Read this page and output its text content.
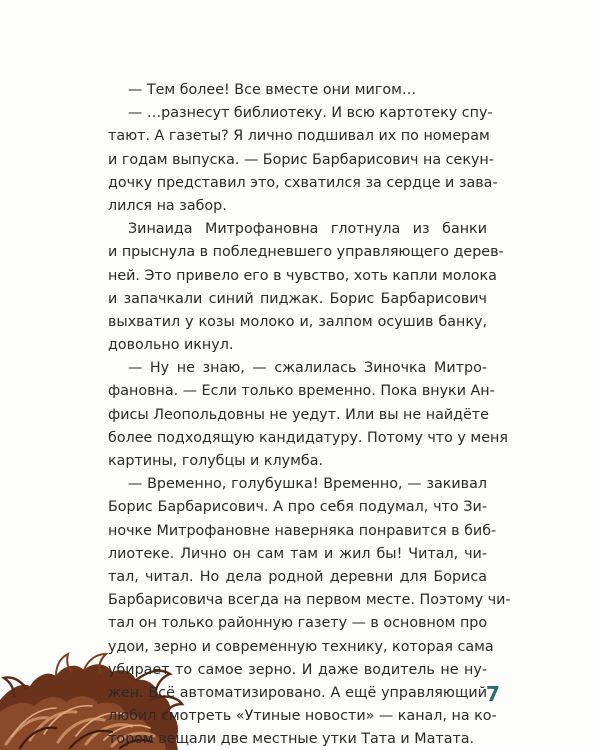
— Тем более! Все вместе они мигом…
— …разнесут библиотеку. И всю картотеку спу-
тают. А газеты? Я лично подшивал их по номерам
и годам выпуска. — Борис Барбарисович на секун-
дочку представил это, схватился за сердце и зава-
лился на забор.
Зинаида Митрофановна глотнула из банки
и прыснула в побледневшего управляющего дерев-
ней. Это привело его в чувство, хоть капли молока
и запачкали синий пиджак. Борис Барбарисович
выхватил у козы молоко и, залпом осушив банку,
довольно икнул.
— Ну не знаю, — сжалилась Зиночка Митро-
фановна. — Если только временно. Пока внуки Ан-
фисы Леопольдовны не уедут. Или вы не найдёте
более подходящую кандидатуру. Потому что у меня
картины, голубцы и клумба.
— Временно, голубушка! Временно, — закивал
Борис Барбарисович. А про себя подумал, что Зи-
ночке Митрофановне наверняка понравится в биб-
лиотеке. Лично он сам там и жил бы! Читал, чи-
тал, читал. Но дела родной деревни для Бориса
Барбарисовича всегда на первом месте. Поэтому чи-
тал он только районную газету — в основном про
удои, зерно и современную технику, которая сама
убирает то самое зерно. И даже водитель не ну-
жен. Всё автоматизировано. А ещё управляющий
любил смотреть «Утиные новости» — канал, на ко-
тором вещали две местные утки Тата и Матата.
7
